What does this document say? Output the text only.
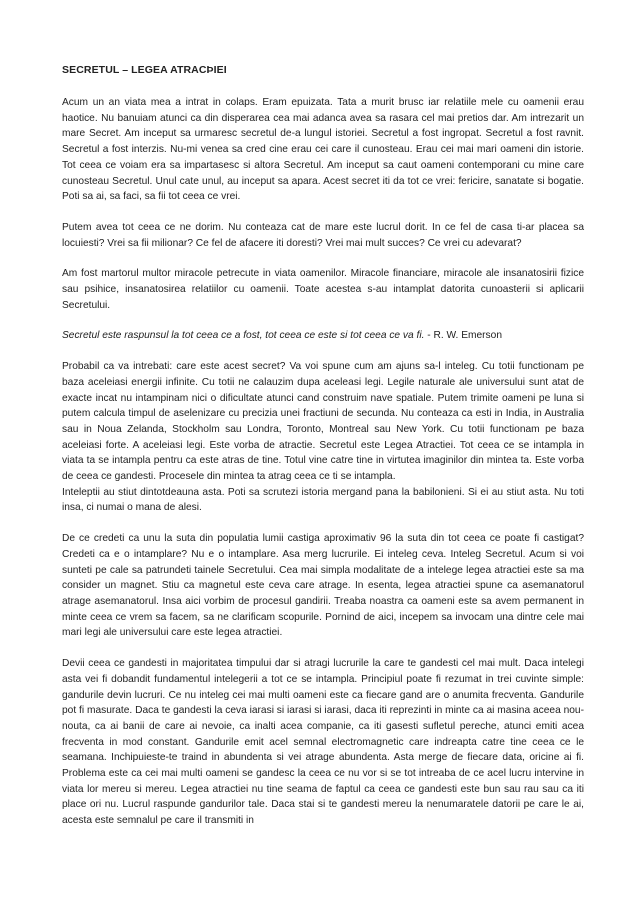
SECRETUL – LEGEA ATRACÞIEI

Acum un an viata mea a intrat in colaps. Eram epuizata. Tata a murit brusc iar relatiile mele cu oamenii erau haotice. Nu banuiam atunci ca din disperarea cea mai adanca avea sa rasara cel mai pretios dar. Am intrezarit un mare Secret. Am inceput sa urmaresc secretul de-a lungul istoriei. Secretul a fost ingropat. Secretul a fost ravnit. Secretul a fost interzis. Nu-mi venea sa cred cine erau cei care il cunosteau. Erau cei mai mari oameni din istorie. Tot ceea ce voiam era sa impartasesc si altora Secretul. Am inceput sa caut oameni contemporani cu mine care cunosteau Secretul. Unul cate unul, au inceput sa apara. Acest secret iti da tot ce vrei: fericire, sanatate si bogatie. Poti sa ai, sa faci, sa fii tot ceea ce vrei.

Putem avea tot ceea ce ne dorim. Nu conteaza cat de mare este lucrul dorit. In ce fel de casa ti-ar placea sa locuiesti? Vrei sa fii milionar? Ce fel de afacere iti doresti? Vrei mai mult succes? Ce vrei cu adevarat?

Am fost martorul multor miracole petrecute in viata oamenilor. Miracole financiare, miracole ale insanatosirii fizice sau psihice, insanatosirea relatiilor cu oamenii. Toate acestea s-au intamplat datorita cunoasterii si aplicarii Secretului.

Secretul este raspunsul la tot ceea ce a fost, tot ceea ce este si tot ceea ce va fi. - R. W. Emerson

Probabil ca va intrebati: care este acest secret? Va voi spune cum am ajuns sa-l inteleg. Cu totii functionam pe baza aceleiasi energii infinite. Cu totii ne calauzim dupa aceleasi legi. Legile naturale ale universului sunt atat de exacte incat nu intampinam nici o dificultate atunci cand construim nave spatiale. Putem trimite oameni pe luna si putem calcula timpul de aselenizare cu precizia unei fractiuni de secunda. Nu conteaza ca esti in India, in Australia sau in Noua Zelanda, Stockholm sau Londra, Toronto, Montreal sau New York. Cu totii functionam pe baza aceleiasi forte. A aceleiasi legi. Este vorba de atractie. Secretul este Legea Atractiei. Tot ceea ce se intampla in viata ta se intampla pentru ca este atras de tine. Totul vine catre tine in virtutea imaginilor din mintea ta. Este vorba de ceea ce gandesti. Procesele din mintea ta atrag ceea ce ti se intampla.

Inteleptii au stiut dintotdeauna asta. Poti sa scrutezi istoria mergand pana la babilonieni. Si ei au stiut asta. Nu toti insa, ci numai o mana de alesi.

De ce credeti ca unu la suta din populatia lumii castiga aproximativ 96 la suta din tot ceea ce poate fi castigat? Credeti ca e o intamplare? Nu e o intamplare. Asa merg lucrurile. Ei inteleg ceva. Inteleg Secretul. Acum si voi sunteti pe cale sa patrundeti tainele Secretului. Cea mai simpla modalitate de a intelege legea atractiei este sa ma consider un magnet. Stiu ca magnetul este ceva care atrage. In esenta, legea atractiei spune ca asemanatorul atrage asemanatorul. Insa aici vorbim de procesul gandirii. Treaba noastra ca oameni este sa avem permanent in minte ceea ce vrem sa facem, sa ne clarificam scopurile. Pornind de aici, incepem sa invocam una dintre cele mai mari legi ale universului care este legea atractiei.

Devii ceea ce gandesti in majoritatea timpului dar si atragi lucrurile la care te gandesti cel mai mult. Daca intelegi asta vei fi dobandit fundamentul intelegerii a tot ce se intampla. Principiul poate fi rezumat in trei cuvinte simple: gandurile devin lucruri. Ce nu inteleg cei mai multi oameni este ca fiecare gand are o anumita frecventa. Gandurile pot fi masurate. Daca te gandesti la ceva iarasi si iarasi si iarasi, daca iti reprezinti in minte ca ai masina aceea nou-nouta, ca ai banii de care ai nevoie, ca inalti acea companie, ca iti gasesti sufletul pereche, atunci emiti acea frecventa in mod constant. Gandurile emit acel semnal electromagnetic care indreapta catre tine ceea ce le seamana. Inchipuieste-te traind in abundenta si vei atrage abundenta. Asta merge de fiecare data, oricine ai fi. Problema este ca cei mai multi oameni se gandesc la ceea ce nu vor si se tot intreaba de ce acel lucru intervine in viata lor mereu si mereu. Legea atractiei nu tine seama de faptul ca ceea ce gandesti este bun sau rau sau ca iti place ori nu. Lucrul raspunde gandurilor tale. Daca stai si te gandesti mereu la nenumaratele datorii pe care le ai, acesta este semnalul pe care il transmiti in
